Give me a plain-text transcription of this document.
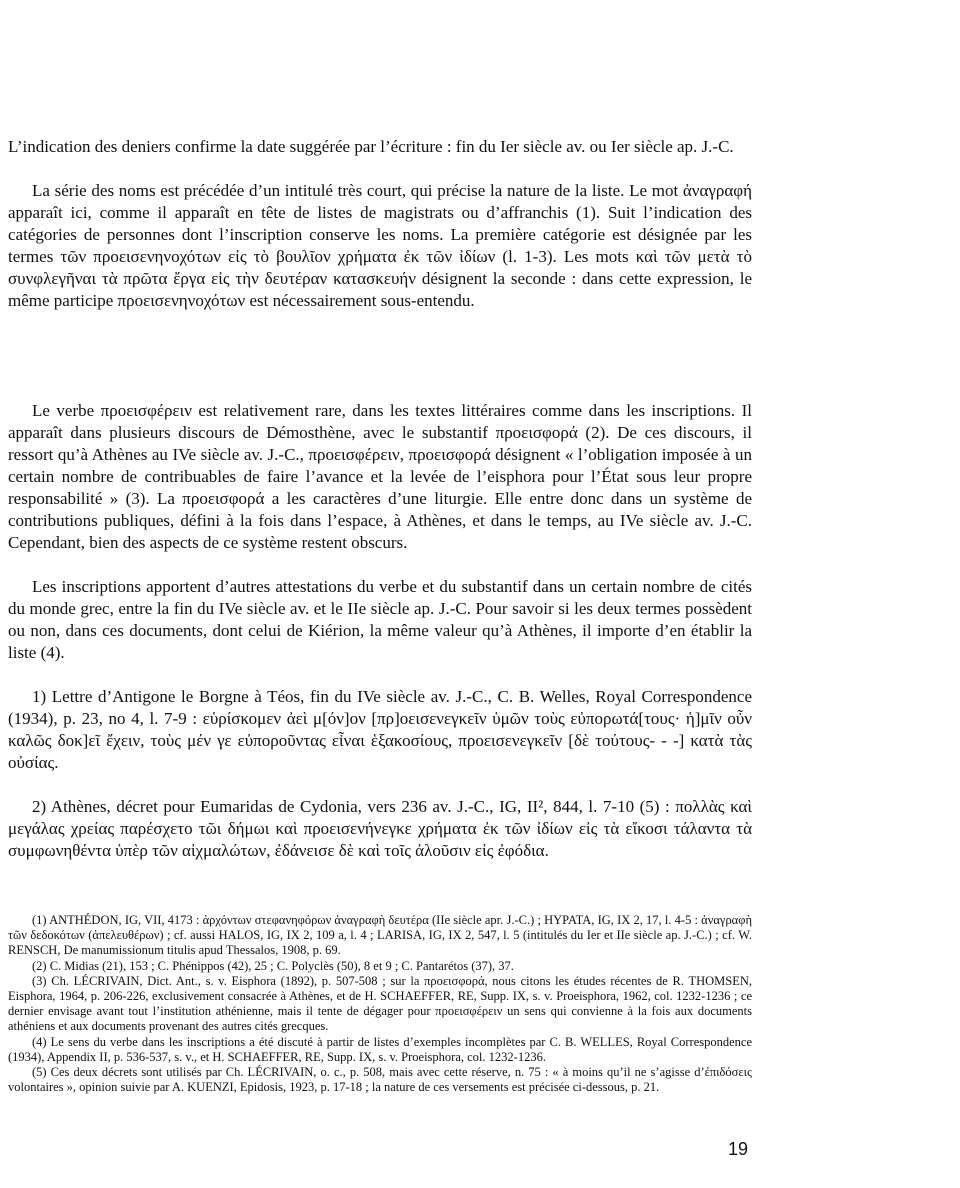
L’indication des deniers confirme la date suggérée par l’écriture : fin du Ier siècle av. ou Ier siècle ap. J.-C.

La série des noms est précédée d’un intitulé très court, qui précise la nature de la liste. Le mot ἀναγραφή apparaît ici, comme il apparaît en tête de listes de magistrats ou d’affranchis (1). Suit l’indication des catégories de personnes dont l’inscription conserve les noms. La première catégorie est désignée par les termes τῶν προεισενηνοχότων εἰς τὸ βουλῖον χρήματα ἐκ τῶν ἰδίων (l. 1-3). Les mots καὶ τῶν μετὰ τὸ συνφλεγῆναι τὰ πρῶτα ἔργα εἰς τὴν δευτέραν κατασκευήν désignent la seconde : dans cette expression, le même participe προεισενηνοχότων est nécessairement sous-entendu.

Le verbe προεισφέρειν est relativement rare, dans les textes littéraires comme dans les inscriptions. Il apparaît dans plusieurs discours de Démosthène, avec le substantif προεισφορά (2). De ces discours, il ressort qu’à Athènes au IVe siècle av. J.-C., προεισφέρειν, προεισφορά désignent « l’obligation imposée à un certain nombre de contribuables de faire l’avance et la levée de l’eisphora pour l’État sous leur propre responsabilité » (3). La προεισφορά a les caractères d’une liturgie. Elle entre donc dans un système de contributions publiques, défini à la fois dans l’espace, à Athènes, et dans le temps, au IVe siècle av. J.-C. Cependant, bien des aspects de ce système restent obscurs.

Les inscriptions apportent d’autres attestations du verbe et du substantif dans un certain nombre de cités du monde grec, entre la fin du IVe siècle av. et le IIe siècle ap. J.-C. Pour savoir si les deux termes possèdent ou non, dans ces documents, dont celui de Kiérion, la même valeur qu’à Athènes, il importe d’en établir la liste (4).

1) Lettre d’Antigone le Borgne à Téos, fin du IVe siècle av. J.-C., C. B. Welles, Royal Correspondence (1934), p. 23, no 4, l. 7-9 : εὑρίσκομεν ἀεὶ μ[όν]ον [πρ]οεισενεγκεῖν ὑμῶν τοὺς εὐπορωτά[τους· ἡ]μῖν οὖν καλῶς δοκ]εῖ ἔχειν, τοὺς μέν γε εὐποροῦντας εἶναι ἑξακοσίους, προεισενεγκεῖν [δὲ τούτους- - -] κατὰ τὰς οὐσίας.

2) Athènes, décret pour Eumaridas de Cydonia, vers 236 av. J.-C., IG, II², 844, l. 7-10 (5) : πολλὰς καὶ μεγάλας χρείας παρέσχετο τῶι δήμωι καὶ προεισενήνεγκε χρήματα ἐκ τῶν ἰδίων εἰς τὰ εἴκοσι τάλαντα τὰ συμφωνηθέντα ὑπὲρ τῶν αἰχμαλώτων, ἐδάνεισε δὲ καὶ τοῖς ἀλοῦσιν εἰς ἐφόδια.

(1) ANTHÉDON, IG, VII, 4173 : ἀρχόντων στεφανηφόρων ἀναγραφὴ δευτέρα (IIe siècle apr. J.-C.) ; HYPATA, IG, IX 2, 17, l. 4-5 : ἀναγραφὴ τῶν δεδοκότων (ἀπελευθέρων) ; cf. aussi HALOS, IG, IX 2, 109 a, l. 4 ; LARISA, IG, IX 2, 547, l. 5 (intitulés du Ier et IIe siècle ap. J.-C.) ; cf. W. RENSCH, De manumissionum titulis apud Thessalos, 1908, p. 69.

(2) C. Midias (21), 153 ; C. Phénippos (42), 25 ; C. Polyclès (50), 8 et 9 ; C. Pantarétos (37), 37.

(3) Ch. LÉCRIVAIN, Dict. Ant., s. v. Eisphora (1892), p. 507-508 ; sur la προεισφορά, nous citons les études récentes de R. THOMSEN, Eisphora, 1964, p. 206-226, exclusivement consacrée à Athènes, et de H. SCHAEFFER, RE, Supp. IX, s. v. Proeisphora, 1962, col. 1232-1236 ; ce dernier envisage avant tout l’institution athénienne, mais il tente de dégager pour προεισφέρειν un sens qui convienne à la fois aux documents athéniens et aux documents provenant des autres cités grecques.

(4) Le sens du verbe dans les inscriptions a été discuté à partir de listes d’exemples incomplètes par C. B. WELLES, Royal Correspondence (1934), Appendix II, p. 536-537, s. v., et H. SCHAEFFER, RE, Supp. IX, s. v. Proeisphora, col. 1232-1236.

(5) Ces deux décrets sont utilisés par Ch. LÉCRIVAIN, o. c., p. 508, mais avec cette réserve, n. 75 : « à moins qu’il ne s’agisse d’ἐπιδόσεις volontaires », opinion suivie par A. KUENZI, Epidosis, 1923, p. 17-18 ; la nature de ces versements est précisée ci-dessous, p. 21.

19
